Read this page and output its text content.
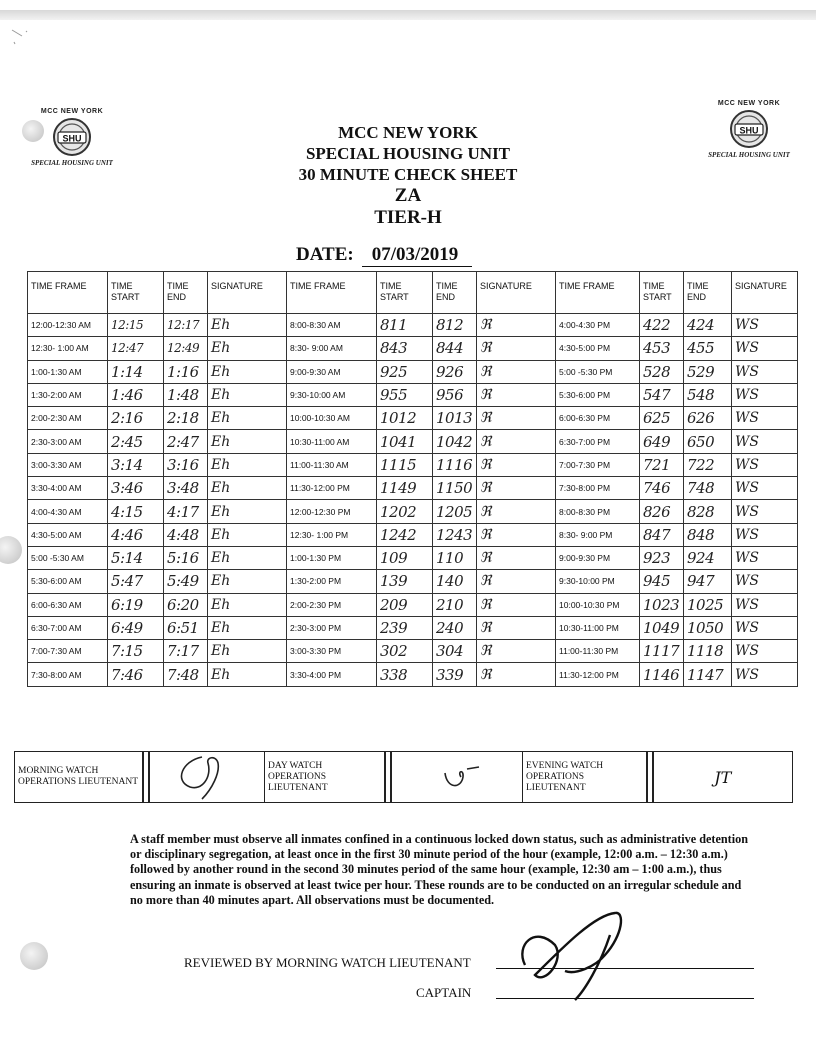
MCC NEW YORK
SHU
SPECIAL HOUSING UNIT
MCC NEW YORK
SHU
SPECIAL HOUSING UNIT
MCC NEW YORK
SPECIAL HOUSING UNIT
30 MINUTE CHECK SHEET
ZA
TIER-H
DATE: 07/03/2019
TIME FRAME	TIME START	TIME END	SIGNATURE	TIME FRAME	TIME START	TIME END	SIGNATURE	TIME FRAME	TIME START	TIME END	SIGNATURE
12:00-12:30 AM	12:15	12:17	Eh	8:00-8:30 AM	811	812	ℜ	4:00-4:30 PM	422	424	WS
12:30- 1:00 AM	12:47	12:49	Eh	8:30- 9:00 AM	843	844	ℜ	4:30-5:00 PM	453	455	WS
1:00-1:30 AM	1:14	1:16	Eh	9:00-9:30 AM	925	926	ℜ	5:00 -5:30 PM	528	529	WS
1:30-2:00 AM	1:46	1:48	Eh	9:30-10:00 AM	955	956	ℜ	5:30-6:00 PM	547	548	WS
2:00-2:30 AM	2:16	2:18	Eh	10:00-10:30 AM	1012	1013	ℜ	6:00-6:30 PM	625	626	WS
2:30-3:00 AM	2:45	2:47	Eh	10:30-11:00 AM	1041	1042	ℜ	6:30-7:00 PM	649	650	WS
3:00-3:30 AM	3:14	3:16	Eh	11:00-11:30 AM	1115	1116	ℜ	7:00-7:30 PM	721	722	WS
3:30-4:00 AM	3:46	3:48	Eh	11:30-12:00 PM	1149	1150	ℜ	7:30-8:00 PM	746	748	WS
4:00-4:30 AM	4:15	4:17	Eh	12:00-12:30 PM	1202	1205	ℜ	8:00-8:30 PM	826	828	WS
4:30-5:00 AM	4:46	4:48	Eh	12:30- 1:00 PM	1242	1243	ℜ	8:30- 9:00 PM	847	848	WS
5:00 -5:30 AM	5:14	5:16	Eh	1:00-1:30 PM	109	110	ℜ	9:00-9:30 PM	923	924	WS
5:30-6:00 AM	5:47	5:49	Eh	1:30-2:00 PM	139	140	ℜ	9:30-10:00 PM	945	947	WS
6:00-6:30 AM	6:19	6:20	Eh	2:00-2:30 PM	209	210	ℜ	10:00-10:30 PM	1023	1025	WS
6:30-7:00 AM	6:49	6:51	Eh	2:30-3:00 PM	239	240	ℜ	10:30-11:00 PM	1049	1050	WS
7:00-7:30 AM	7:15	7:17	Eh	3:00-3:30 PM	302	304	ℜ	11:00-11:30 PM	1117	1118	WS
7:30-8:00 AM	7:46	7:48	Eh	3:30-4:00 PM	338	339	ℜ	11:30-12:00 PM	1146	1147	WS
MORNING WATCH OPERATIONS LIEUTENANT			DAY WATCH OPERATIONS LIEUTENANT			EVENING WATCH OPERATIONS LIEUTENANT		JT
A staff member must observe all inmates confined in a continuous locked down status, such as administrative detention or disciplinary segregation, at least once in the first 30 minute period of the hour (example, 12:00 a.m. – 12:30 a.m.) followed by another round in the second 30 minutes period of the same hour (example, 12:30 am – 1:00 a.m.), thus ensuring an inmate is observed at least twice per hour. These rounds are to be conducted on an irregular schedule and no more than 40 minutes apart. All observations must be documented.
REVIEWED BY MORNING WATCH LIEUTENANT
CAPTAIN
